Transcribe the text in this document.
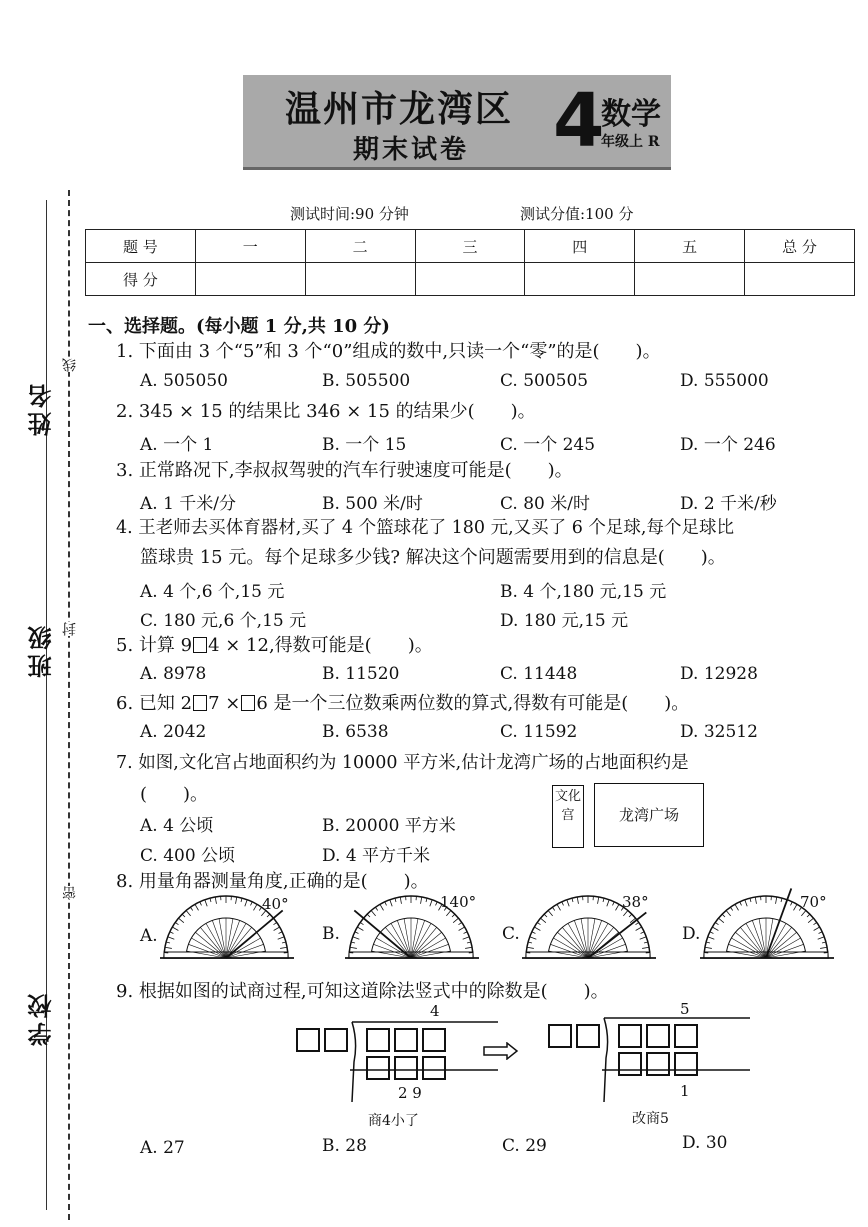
温州市龙湾区
期末试卷 4
数学
年级上 R
姓名
班级
学校
线
封
密
测试时间:90 分钟	测试分值:100 分
题 号	一	二	三	四	五	总 分
得 分						
一、选择题。(每小题 1 分,共 10 分)
1. 下面由 3 个“5”和 3 个“0”组成的数中,只读一个“零”的是(　　)。
A. 505050	B. 505500	C. 500505	D. 555000
2. 345 × 15 的结果比 346 × 15 的结果少(　　)。
A. 一个 1	B. 一个 15	C. 一个 245	D. 一个 246
3. 正常路况下,李叔叔驾驶的汽车行驶速度可能是(　　)。
A. 1 千米/分	B. 500 米/时	C. 80 米/时	D. 2 千米/秒
4. 王老师去买体育器材,买了 4 个篮球花了 180 元,又买了 6 个足球,每个足球比
篮球贵 15 元。每个足球多少钱? 解决这个问题需要用到的信息是(　　)。
A. 4 个,6 个,15 元	B. 4 个,180 元,15 元
C. 180 元,6 个,15 元	D. 180 元,15 元
5. 计算 9 4 × 12,得数可能是(　　)。
A. 8978	B. 11520	C. 11448	D. 12928
6. 已知 2 7 × 6 是一个三位数乘两位数的算式,得数有可能是(　　)。
A. 2042	B. 6538	C. 11592	D. 32512
7. 如图,文化宫占地面积约为 10000 平方米,估计龙湾广场的占地面积约是
(　　)。
A. 4 公顷	B. 20000 平方米
C. 400 公顷	D. 4 平方千米
文化宫	龙湾广场
8. 用量角器测量角度,正确的是(　　)。
A.	B.	C.	D.
40°	140°	38°	70°
9. 根据如图的试商过程,可知这道除法竖式中的除数是(　　)。
4
2 9
商4小了
5
1
改商5
A. 27	B. 28	C. 29	D. 30
